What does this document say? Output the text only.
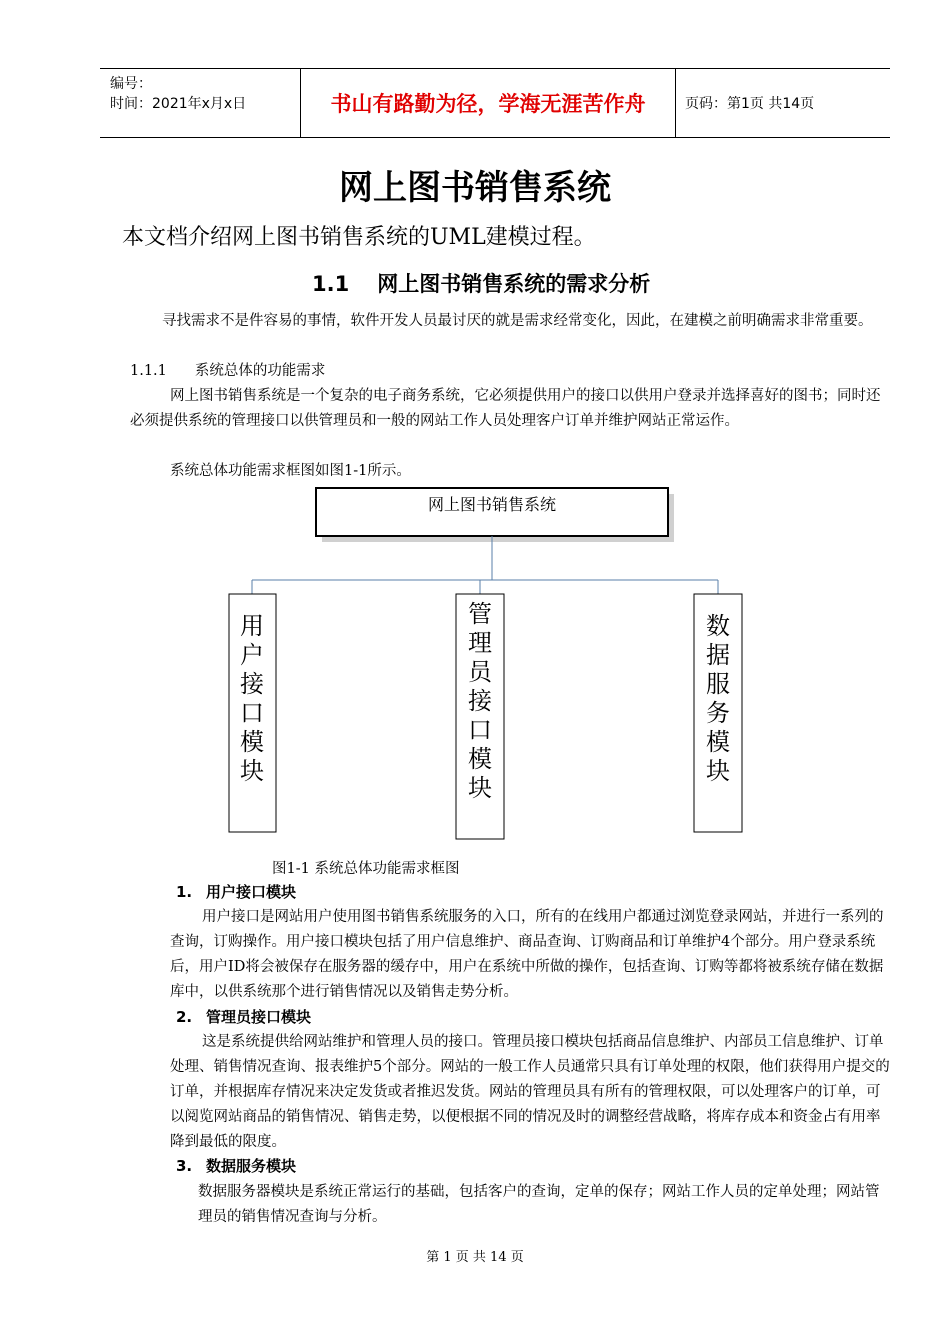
编号：
时间：2021年x月x日	书山有路勤为径，学海无涯苦作舟	页码：第1页 共14页
网上图书销售系统
本文档介绍网上图书销售系统的UML建模过程。
1.1 网上图书销售系统的需求分析
寻找需求不是件容易的事情，软件开发人员最讨厌的就是需求经常变化，因此，在建模之前明确需求非常重要。
1.1.1 系统总体的功能需求
网上图书销售系统是一个复杂的电子商务系统，它必须提供用户的接口以供用户登录并选择喜好的图书；同时还必须提供系统的管理接口以供管理员和一般的网站工作人员处理客户订单并维护网站正常运作。
系统总体功能需求框图如图1-1所示。
网上图书销售系统
用户接口模块
管理员接口模块
数据服务模块
图1-1 系统总体功能需求框图
1. 用户接口模块
用户接口是网站用户使用图书销售系统服务的入口，所有的在线用户都通过浏览登录网站，并进行一系列的查询，订购操作。用户接口模块包括了用户信息维护、商品查询、订购商品和订单维护4个部分。用户登录系统后，用户ID将会被保存在服务器的缓存中，用户在系统中所做的操作，包括查询、订购等都将被系统存储在数据库中，以供系统那个进行销售情况以及销售走势分析。
2. 管理员接口模块
这是系统提供给网站维护和管理人员的接口。管理员接口模块包括商品信息维护、内部员工信息维护、订单处理、销售情况查询、报表维护5个部分。网站的一般工作人员通常只具有订单处理的权限，他们获得用户提交的订单，并根据库存情况来决定发货或者推迟发货。网站的管理员具有所有的管理权限，可以处理客户的订单，可以阅览网站商品的销售情况、销售走势，以便根据不同的情况及时的调整经营战略，将库存成本和资金占有用率降到最低的限度。
3. 数据服务模块
数据服务器模块是系统正常运行的基础，包括客户的查询，定单的保存；网站工作人员的定单处理；网站管理员的销售情况查询与分析。
第 1 页 共 14 页
